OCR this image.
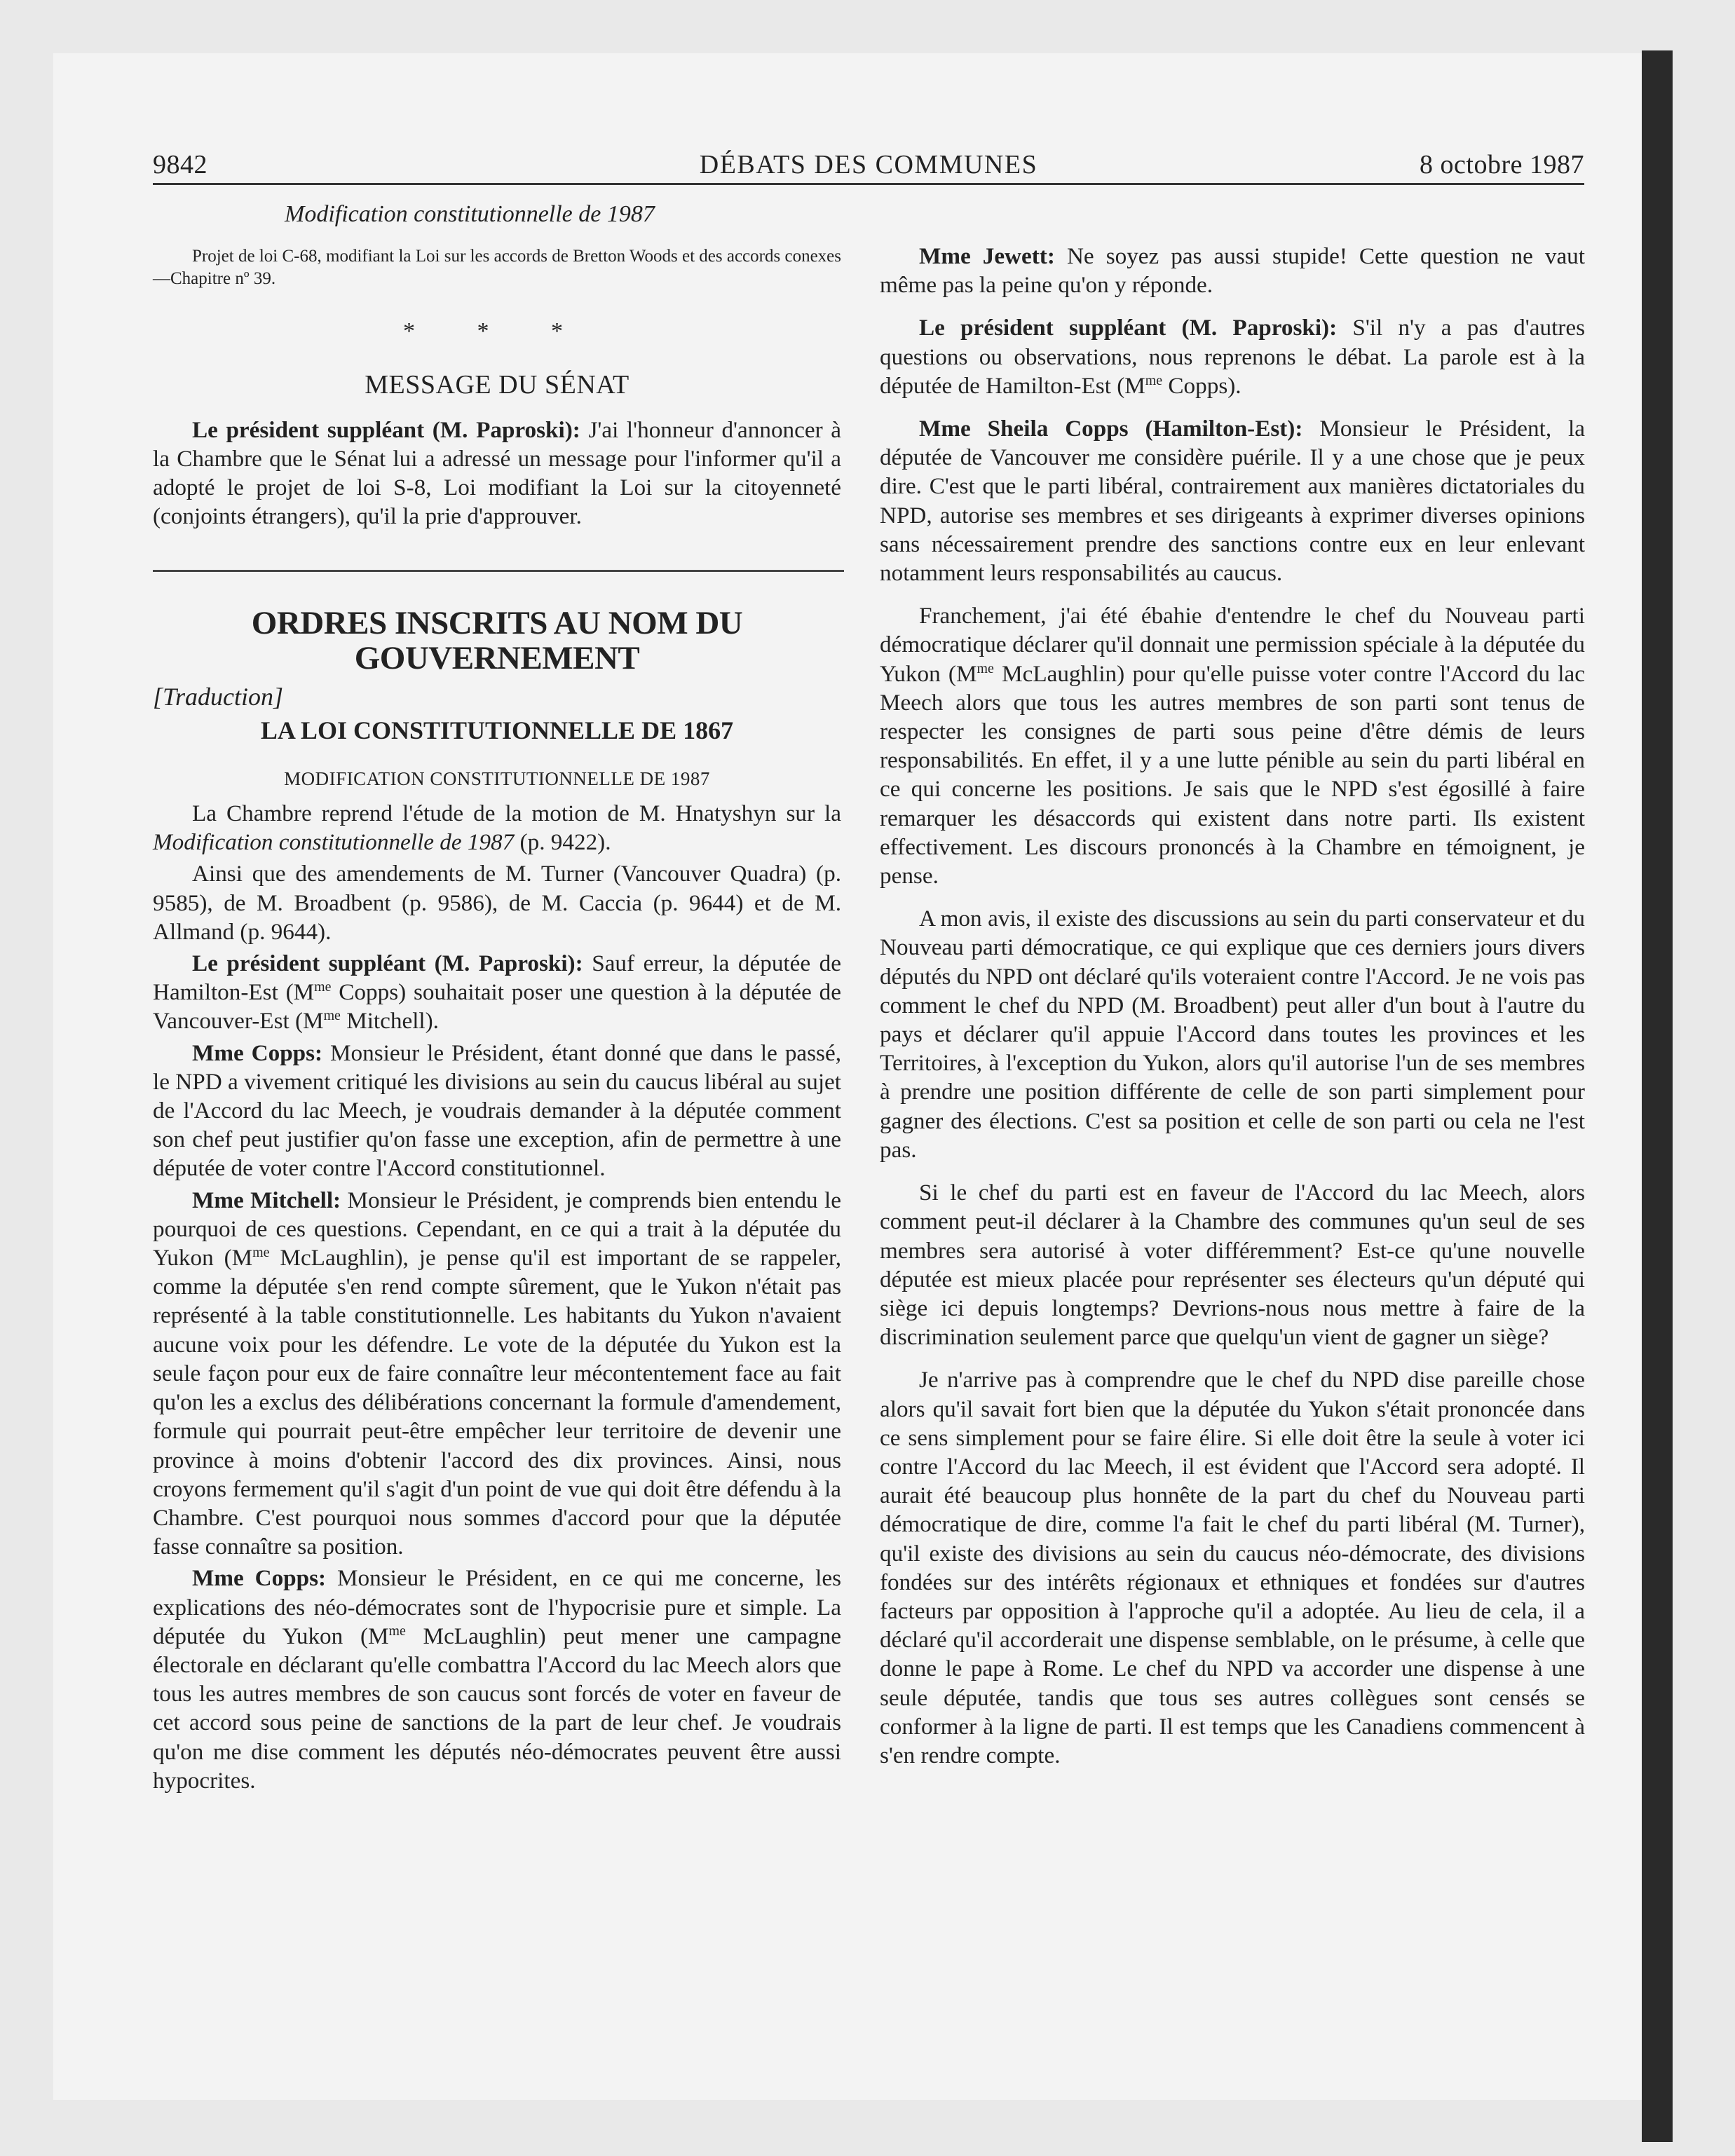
9842	DÉBATS DES COMMUNES	8 octobre 1987

Modification constitutionnelle de 1987

Projet de loi C-68, modifiant la Loi sur les accords de Bretton Woods et des accords conexes—Chapitre nº 39.

* * *

MESSAGE DU SÉNAT

Le président suppléant (M. Paproski): J'ai l'honneur d'annoncer à la Chambre que le Sénat lui a adressé un message pour l'informer qu'il a adopté le projet de loi S-8, Loi modifiant la Loi sur la citoyenneté (conjoints étrangers), qu'il la prie d'approuver.

ORDRES INSCRITS AU NOM DU

GOUVERNEMENT

[Traduction]

LA LOI CONSTITUTIONNELLE DE 1867

MODIFICATION CONSTITUTIONNELLE DE 1987

La Chambre reprend l'étude de la motion de M. Hnatyshyn sur la Modification constitutionnelle de 1987 (p. 9422).

Ainsi que des amendements de M. Turner (Vancouver Quadra) (p. 9585), de M. Broadbent (p. 9586), de M. Caccia (p. 9644) et de M. Allmand (p. 9644).

Le président suppléant (M. Paproski): Sauf erreur, la députée de Hamilton-Est ($M^{me}$ Copps) souhaitait poser une question à la députée de Vancouver-Est ($M^{me}$ Mitchell).

Mme Copps: Monsieur le Président, étant donné que dans le passé, le NPD a vivement critiqué les divisions au sein du caucus libéral au sujet de l'Accord du lac Meech, je voudrais demander à la députée comment son chef peut justifier qu'on fasse une exception, afin de permettre à une députée de voter contre l'Accord constitutionnel.

Mme Mitchell: Monsieur le Président, je comprends bien entendu le pourquoi de ces questions. Cependant, en ce qui a trait à la députée du Yukon ($M^{me}$ McLaughlin), je pense qu'il est important de se rappeler, comme la députée s'en rend compte sûrement, que le Yukon n'était pas représenté à la table constitutionnelle. Les habitants du Yukon n'avaient aucune voix pour les défendre. Le vote de la députée du Yukon est la seule façon pour eux de faire connaître leur mécontentement face au fait qu'on les a exclus des délibérations concernant la formule d'amendement, formule qui pourrait peut-être empêcher leur territoire de devenir une province à moins d'obtenir l'accord des dix provinces. Ainsi, nous croyons fermement qu'il s'agit d'un point de vue qui doit être défendu à la Chambre. C'est pourquoi nous sommes d'accord pour que la députée fasse connaître sa position.

Mme Copps: Monsieur le Président, en ce qui me concerne, les explications des néo-démocrates sont de l'hypocrisie pure et simple. La députée du Yukon ($M^{me}$ McLaughlin) peut mener une campagne électorale en déclarant qu'elle combattra l'Accord du lac Meech alors que tous les autres membres de son caucus sont forcés de voter en faveur de cet accord sous peine de sanctions de la part de leur chef. Je voudrais qu'on me dise comment les députés néo-démocrates peuvent être aussi hypocrites.

Mme Jewett: Ne soyez pas aussi stupide! Cette question ne vaut même pas la peine qu'on y réponde.

Le président suppléant (M. Paproski): S'il n'y a pas d'autres questions ou observations, nous reprenons le débat. La parole est à la députée de Hamilton-Est ($M^{me}$ Copps).

Mme Sheila Copps (Hamilton-Est): Monsieur le Président, la députée de Vancouver me considère puérile. Il y a une chose que je peux dire. C'est que le parti libéral, contrairement aux manières dictatoriales du NPD, autorise ses membres et ses dirigeants à exprimer diverses opinions sans nécessairement prendre des sanctions contre eux en leur enlevant notamment leurs responsabilités au caucus.

Franchement, j'ai été ébahie d'entendre le chef du Nouveau parti démocratique déclarer qu'il donnait une permission spéciale à la députée du Yukon ($M^{me}$ McLaughlin) pour qu'elle puisse voter contre l'Accord du lac Meech alors que tous les autres membres de son parti sont tenus de respecter les consignes de parti sous peine d'être démis de leurs responsabilités. En effet, il y a une lutte pénible au sein du parti libéral en ce qui concerne les positions. Je sais que le NPD s'est égosillé à faire remarquer les désaccords qui existent dans notre parti. Ils existent effectivement. Les discours prononcés à la Chambre en témoignent, je pense.

A mon avis, il existe des discussions au sein du parti conservateur et du Nouveau parti démocratique, ce qui explique que ces derniers jours divers députés du NPD ont déclaré qu'ils voteraient contre l'Accord. Je ne vois pas comment le chef du NPD (M. Broadbent) peut aller d'un bout à l'autre du pays et déclarer qu'il appuie l'Accord dans toutes les provinces et les Territoires, à l'exception du Yukon, alors qu'il autorise l'un de ses membres à prendre une position différente de celle de son parti simplement pour gagner des élections. C'est sa position et celle de son parti ou cela ne l'est pas.

Si le chef du parti est en faveur de l'Accord du lac Meech, alors comment peut-il déclarer à la Chambre des communes qu'un seul de ses membres sera autorisé à voter différemment? Est-ce qu'une nouvelle députée est mieux placée pour représenter ses électeurs qu'un député qui siège ici depuis longtemps? Devrions-nous nous mettre à faire de la discrimination seulement parce que quelqu'un vient de gagner un siège?

Je n'arrive pas à comprendre que le chef du NPD dise pareille chose alors qu'il savait fort bien que la députée du Yukon s'était prononcée dans ce sens simplement pour se faire élire. Si elle doit être la seule à voter ici contre l'Accord du lac Meech, il est évident que l'Accord sera adopté. Il aurait été beaucoup plus honnête de la part du chef du Nouveau parti démocratique de dire, comme l'a fait le chef du parti libéral (M. Turner), qu'il existe des divisions au sein du caucus néo-démocrate, des divisions fondées sur des intérêts régionaux et ethniques et fondées sur d'autres facteurs par opposition à l'approche qu'il a adoptée. Au lieu de cela, il a déclaré qu'il accorderait une dispense semblable, on le présume, à celle que donne le pape à Rome. Le chef du NPD va accorder une dispense à une seule députée, tandis que tous ses autres collègues sont censés se conformer à la ligne de parti. Il est temps que les Canadiens commencent à s'en rendre compte.
